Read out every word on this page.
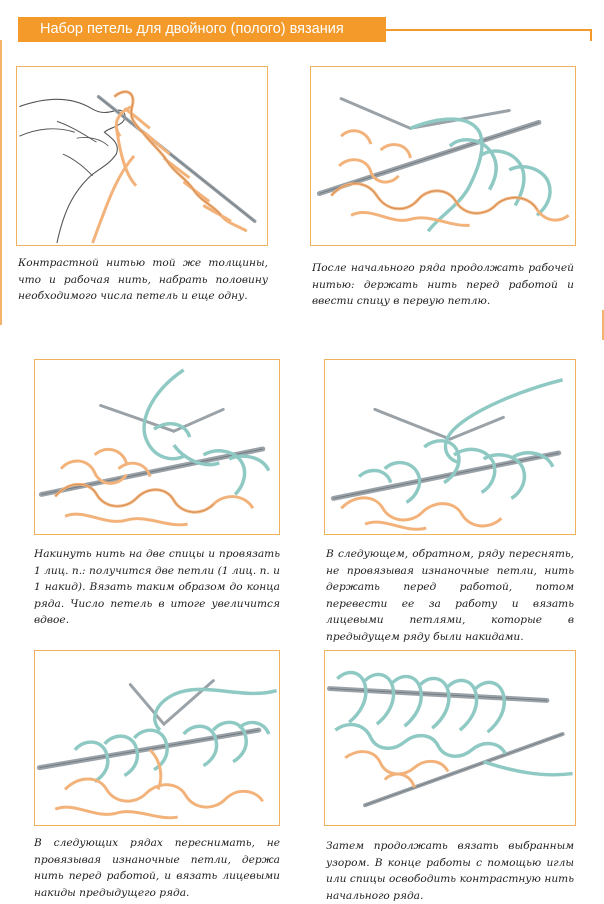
Набор петель для двойного (полого) вязания
Контрастной нитью той же толщины, что и рабочая нить, набрать половину необходимого числа петель и еще одну.
После начального ряда продолжать рабочей нитью: держать нить перед работой и ввести спицу в первую петлю.
Накинуть нить на две спицы и провязать 1 лиц. п.: получится две петли (1 лиц. п. и 1 накид). Вязать таким образом до конца ряда. Число петель в итоге увеличится вдвое.
В следующем, обратном, ряду переснять, не провязывая изнаночные петли, нить держать перед работой, потом перевести ее за работу и вязать лицевыми петлями, которые в предыдущем ряду были накидами.
В следующих рядах переснимать, не провязывая изнаночные петли, держа нить перед работой, и вязать лицевыми накиды предыдущего ряда.
Затем продолжать вязать выбранным узором. В конце работы с помощью иглы или спицы освободить контрастную нить начального ряда.
